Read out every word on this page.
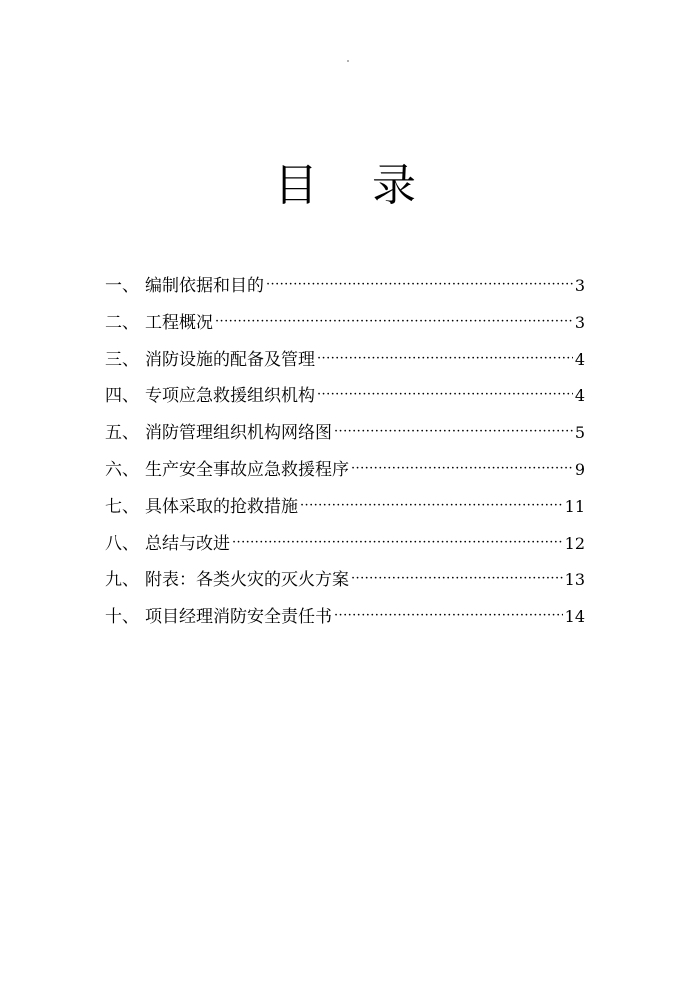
目 录
一、 编制依据和目的 ·····	3
二、 工程概况 ·····	3
三、 消防设施的配备及管理 ·····	4
四、 专项应急救援组织机构 ·····	4
五、 消防管理组织机构网络图 ·····	5
六、 生产安全事故应急救援程序 ·····	9
七、 具体采取的抢救措施 ·····	11
八、 总结与改进 ·····	12
九、 附表：各类火灾的灭火方案 ·····	13
十、 项目经理消防安全责任书 ·····	14
